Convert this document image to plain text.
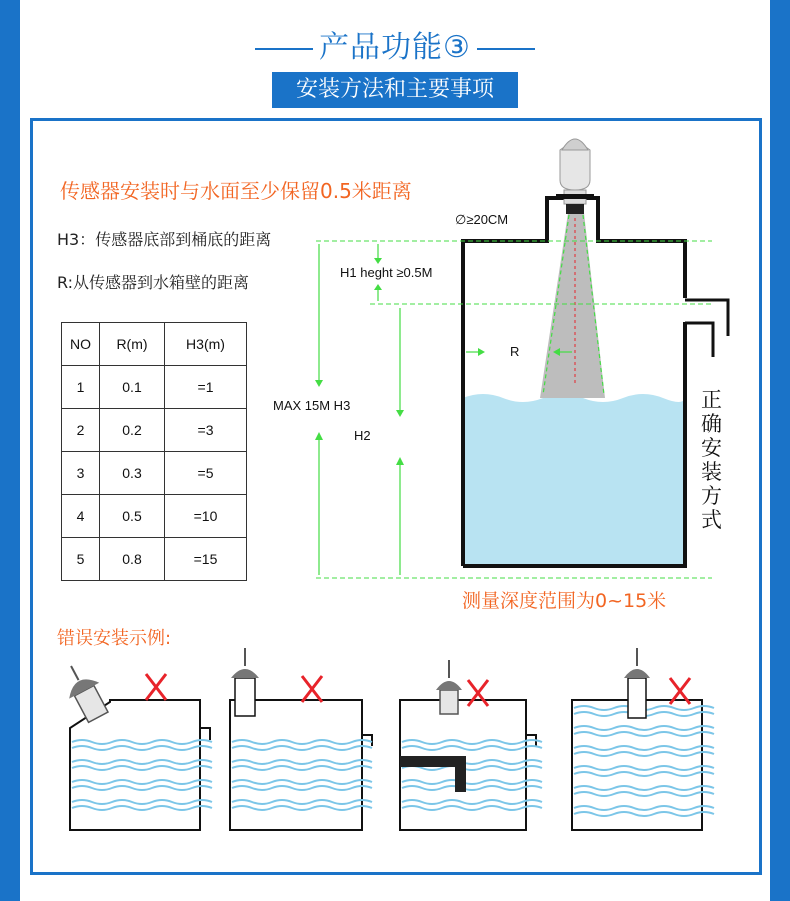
产品功能③
安装方法和主要事项
传感器安装时与水面至少保留0.5米距离
H3：传感器底部到桶底的距离
R:从传感器到水箱壁的距离
NO	R(m)	H3(m)
1	0.1	=1
2	0.2	=3
3	0.3	=5
4	0.5	=10
5	0.8	=15
∅≥20CM
H1 heght ≥0.5M
R
MAX 15M H3
H2
正确安装方式
测量深度范围为0~15米
错误安装示例:
